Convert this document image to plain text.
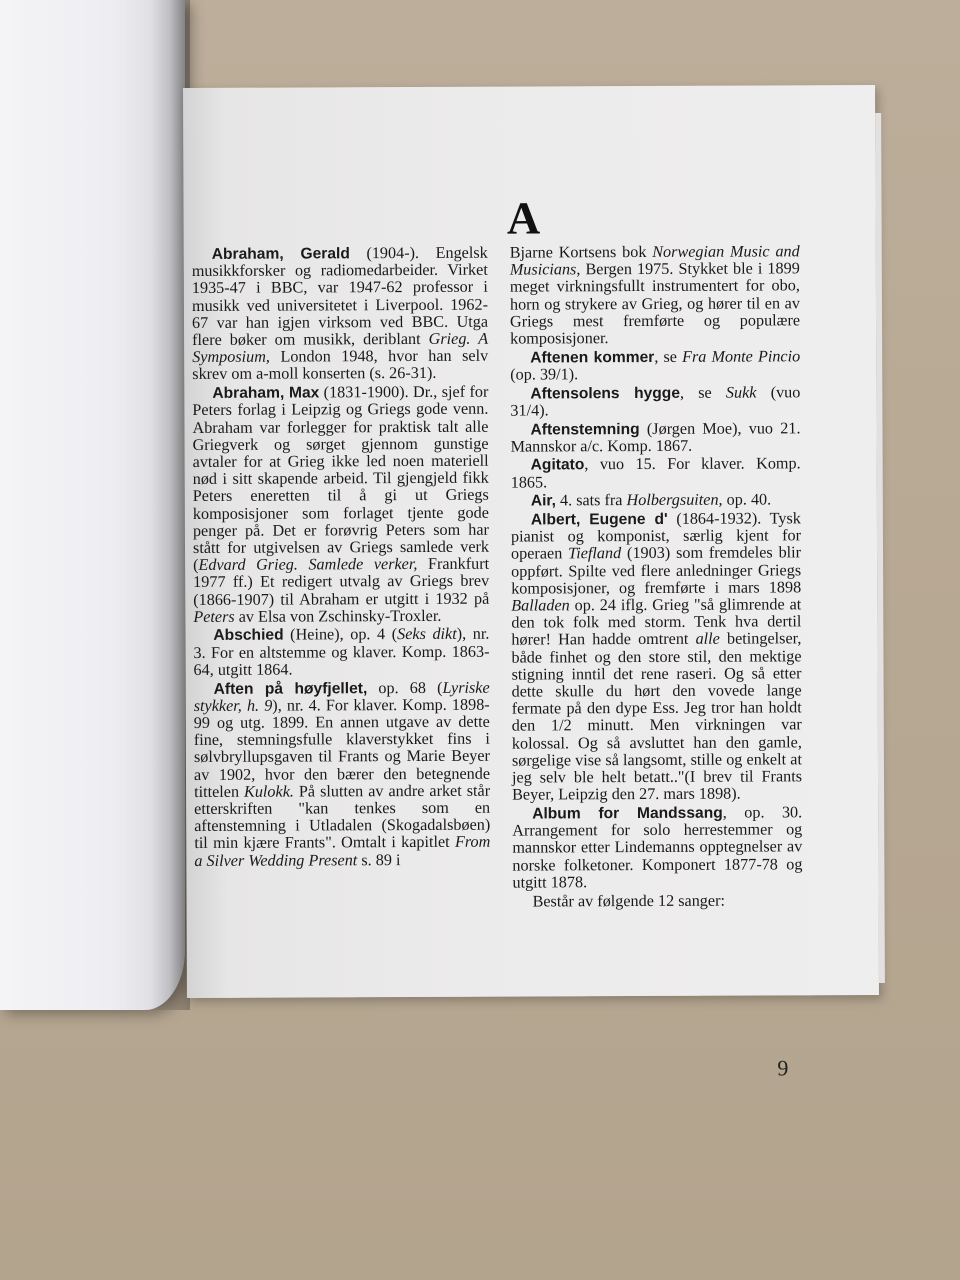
A

Abraham, Gerald (1904-). Engelsk musikkforsker og radiomedarbeider. Virket 1935-47 i BBC, var 1947-62 professor i musikk ved universitetet i Liverpool. 1962-67 var han igjen virksom ved BBC. Utga flere bøker om musikk, deriblant Grieg. A Symposium, London 1948, hvor han selv skrev om a-moll konserten (s. 26-31).

Abraham, Max (1831-1900). Dr., sjef for Peters forlag i Leipzig og Griegs gode venn. Abraham var forlegger for praktisk talt alle Griegverk og sørget gjennom gunstige avtaler for at Grieg ikke led noen materiell nød i sitt skapende arbeid. Til gjengjeld fikk Peters eneretten til å gi ut Griegs komposisjoner som forlaget tjente gode penger på. Det er forøvrig Peters som har stått for utgivelsen av Griegs samlede verk (Edvard Grieg. Samlede verker, Frankfurt 1977 ff.) Et redigert utvalg av Griegs brev (1866-1907) til Abraham er utgitt i 1932 på Peters av Elsa von Zschinsky-Troxler.

Abschied (Heine), op. 4 (Seks dikt), nr. 3. For en altstemme og klaver. Komp. 1863-64, utgitt 1864.

Aften på høyfjellet, op. 68 (Lyriske stykker, h. 9), nr. 4. For klaver. Komp. 1898-99 og utg. 1899. En annen utgave av dette fine, stemningsfulle klaverstykket fins i sølvbryllupsgaven til Frants og Marie Beyer av 1902, hvor den bærer den betegnende tittelen Kulokk. På slutten av andre arket står etterskriften "kan tenkes som en aftenstemning i Utladalen (Skogadalsbøen) til min kjære Frants". Omtalt i kapitlet From a Silver Wedding Present s. 89 i

Bjarne Kortsens bok Norwegian Music and Musicians, Bergen 1975. Stykket ble i 1899 meget virkningsfullt instrumentert for obo, horn og strykere av Grieg, og hører til en av Griegs mest fremførte og populære komposisjoner.

Aftenen kommer, se Fra Monte Pincio (op. 39/1).

Aftensolens hygge, se Sukk (vuo 31/4).

Aftenstemning (Jørgen Moe), vuo 21. Mannskor a/c. Komp. 1867.

Agitato, vuo 15. For klaver. Komp. 1865.

Air, 4. sats fra Holbergsuiten, op. 40.

Albert, Eugene d' (1864-1932). Tysk pianist og komponist, særlig kjent for operaen Tiefland (1903) som fremdeles blir oppført. Spilte ved flere anledninger Griegs komposisjoner, og fremførte i mars 1898 Balladen op. 24 iflg. Grieg "så glimrende at den tok folk med storm. Tenk hva dertil hører! Han hadde omtrent alle betingelser, både finhet og den store stil, den mektige stigning inntil det rene raseri. Og så etter dette skulle du hørt den vovede lange fermate på den dype Ess. Jeg tror han holdt den 1/2 minutt. Men virkningen var kolossal. Og så avsluttet han den gamle, sørgelige vise så langsomt, stille og enkelt at jeg selv ble helt betatt.."(I brev til Frants Beyer, Leipzig den 27. mars 1898).

Album for Mandssang, op. 30. Arrangement for solo herrestemmer og mannskor etter Lindemanns opptegnelser av norske folketoner. Komponert 1877-78 og utgitt 1878.

Består av følgende 12 sanger:

9
